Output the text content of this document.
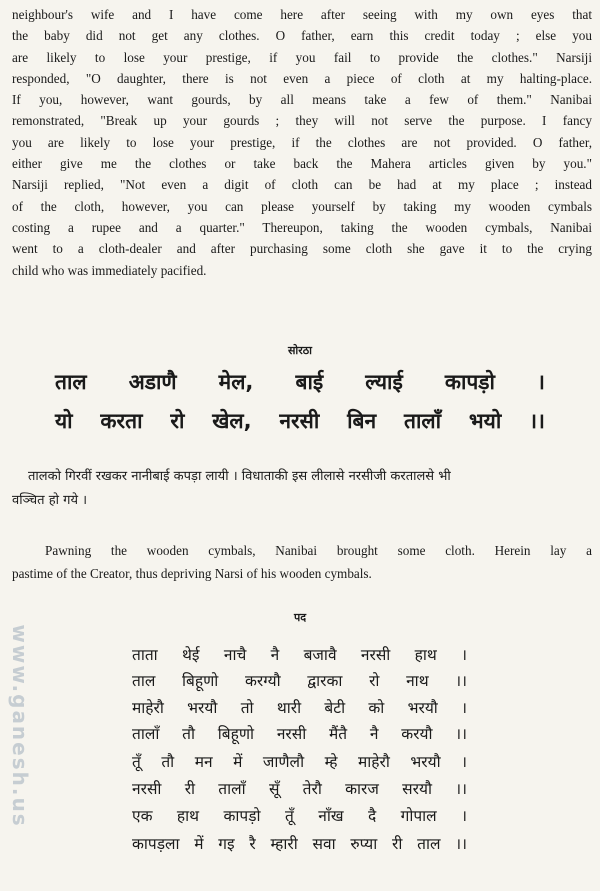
neighbour's wife and I have come here after seeing with my own eyes that
the baby did not get any clothes. O father, earn this credit today ; else you
are likely to lose your prestige, if you fail to provide the clothes." Narsiji
responded, "O daughter, there is not even a piece of cloth at my halting-place.
If you, however, want gourds, by all means take a few of them." Nanibai
remonstrated, "Break up your gourds ; they will not serve the purpose. I fancy
you are likely to lose your prestige, if the clothes are not provided. O father,
either give me the clothes or take back the Mahera articles given by you."
Narsiji replied, "Not even a digit of cloth can be had at my place ; instead
of the cloth, however, you can please yourself by taking my wooden cymbals
costing a rupee and a quarter." Thereupon, taking the wooden cymbals, Nanibai
went to a cloth-dealer and after purchasing some cloth she gave it to the crying
child who was immediately pacified.
सोरठा
ताल अडाणै मेल, बाई ल्याई कापड़ो ।
यो करता रो खेल, नरसी बिन तालाँ भयो ।।
तालको गिरवीं रखकर नानीबाई कपड़ा लायी । विधाताकी इस लीलासे नरसीजी करतालसे भी
वञ्चित हो गये ।
Pawning the wooden cymbals, Nanibai brought some cloth. Herein lay a
pastime of the Creator, thus depriving Narsi of his wooden cymbals.
पद
ताता थेई नाचै नै बजावै नरसी हाथ ।
ताल बिहूणो करग्यौ द्वारका रो नाथ ।।
माहेरौ भरयौ तो थारी बेटी को भरयौ ।
तालाँ तौ बिहूणो नरसी मैंतै नै करयौ ।।
तूँ तौ मन में जाणैलौ म्हे माहेरौ भरयौ ।
नरसी री तालाँ सूँ तेरौ कारज सरयौ ।।
एक हाथ कापड़ो तूँ नाँख दै गोपाल ।
कापड़ला में गइ रै म्हारी सवा रुप्या री ताल ।।
www.ganesh.us
